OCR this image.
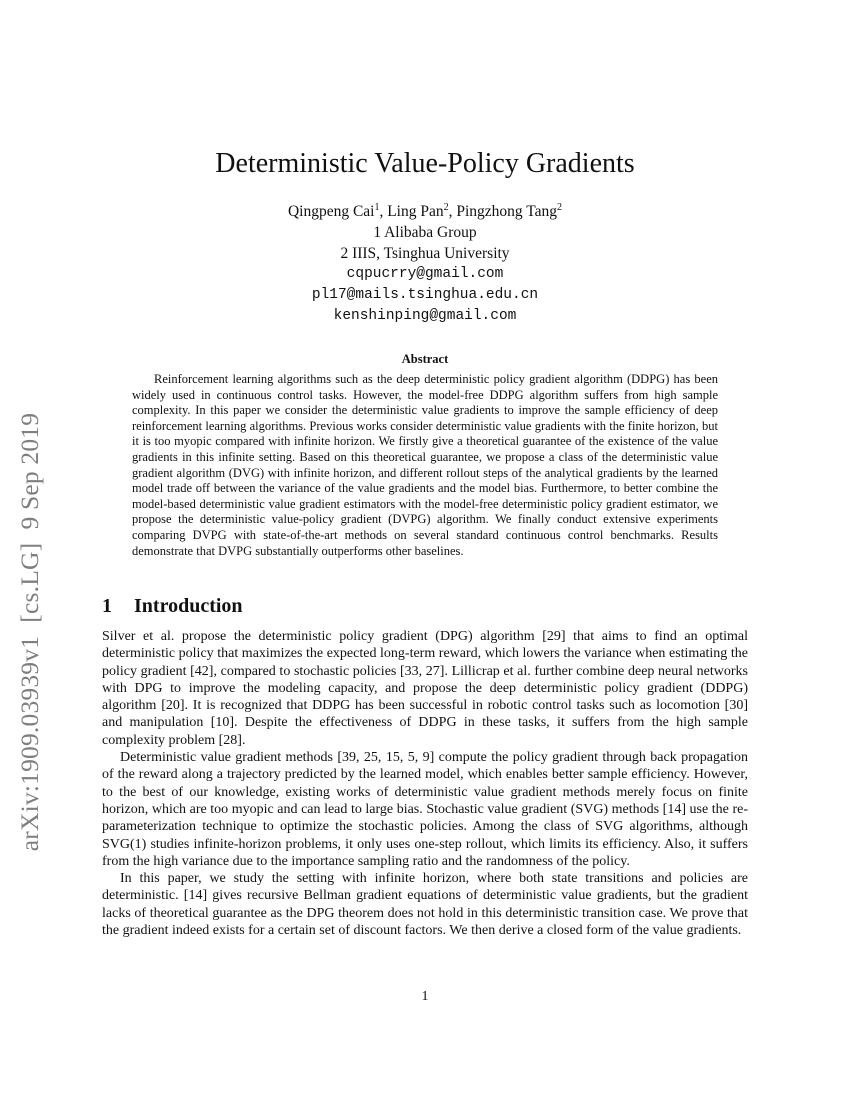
arXiv:1909.03939v1  [cs.LG]  9 Sep 2019
Deterministic Value-Policy Gradients
Qingpeng Cai$^1$, Ling Pan$^2$, Pingzhong Tang$^2$
1 Alibaba Group
2 IIIS, Tsinghua University
cqpucrry@gmail.com
pl17@mails.tsinghua.edu.cn
kenshinping@gmail.com
Abstract

Reinforcement learning algorithms such as the deep deterministic policy gradient algorithm (DDPG) has been widely used in continuous control tasks. However, the model-free DDPG algorithm suffers from high sample complexity. In this paper we consider the deterministic value gradients to improve the sample efficiency of deep reinforcement learning algorithms. Previous works consider deterministic value gradients with the finite horizon, but it is too myopic compared with infinite horizon. We firstly give a theoretical guarantee of the existence of the value gradients in this infinite setting. Based on this theoretical guarantee, we propose a class of the deterministic value gradient algorithm (DVG) with infinite horizon, and different rollout steps of the analytical gradients by the learned model trade off between the variance of the value gradients and the model bias. Furthermore, to better combine the model-based deterministic value gradient estimators with the model-free deterministic policy gradient estimator, we propose the deterministic value-policy gradient (DVPG) algorithm. We finally conduct extensive experiments comparing DVPG with state-of-the-art methods on several standard continuous control benchmarks. Results demonstrate that DVPG substantially outperforms other baselines.

1 Introduction

Silver et al. propose the deterministic policy gradient (DPG) algorithm [29] that aims to find an optimal deterministic policy that maximizes the expected long-term reward, which lowers the variance when estimating the policy gradient [42], compared to stochastic policies [33, 27]. Lillicrap et al. further combine deep neural networks with DPG to improve the modeling capacity, and propose the deep deterministic policy gradient (DDPG) algorithm [20]. It is recognized that DDPG has been successful in robotic control tasks such as locomotion [30] and manipulation [10]. Despite the effectiveness of DDPG in these tasks, it suffers from the high sample complexity problem [28].

Deterministic value gradient methods [39, 25, 15, 5, 9] compute the policy gradient through back propagation of the reward along a trajectory predicted by the learned model, which enables better sample efficiency. However, to the best of our knowledge, existing works of deterministic value gradient methods merely focus on finite horizon, which are too myopic and can lead to large bias. Stochastic value gradient (SVG) methods [14] use the re-parameterization technique to optimize the stochastic policies. Among the class of SVG algorithms, although SVG(1) studies infinite-horizon problems, it only uses one-step rollout, which limits its efficiency. Also, it suffers from the high variance due to the importance sampling ratio and the randomness of the policy.

In this paper, we study the setting with infinite horizon, where both state transitions and policies are deterministic. [14] gives recursive Bellman gradient equations of deterministic value gradients, but the gradient lacks of theoretical guarantee as the DPG theorem does not hold in this deterministic transition case. We prove that the gradient indeed exists for a certain set of discount factors. We then derive a closed form of the value gradients.

1
